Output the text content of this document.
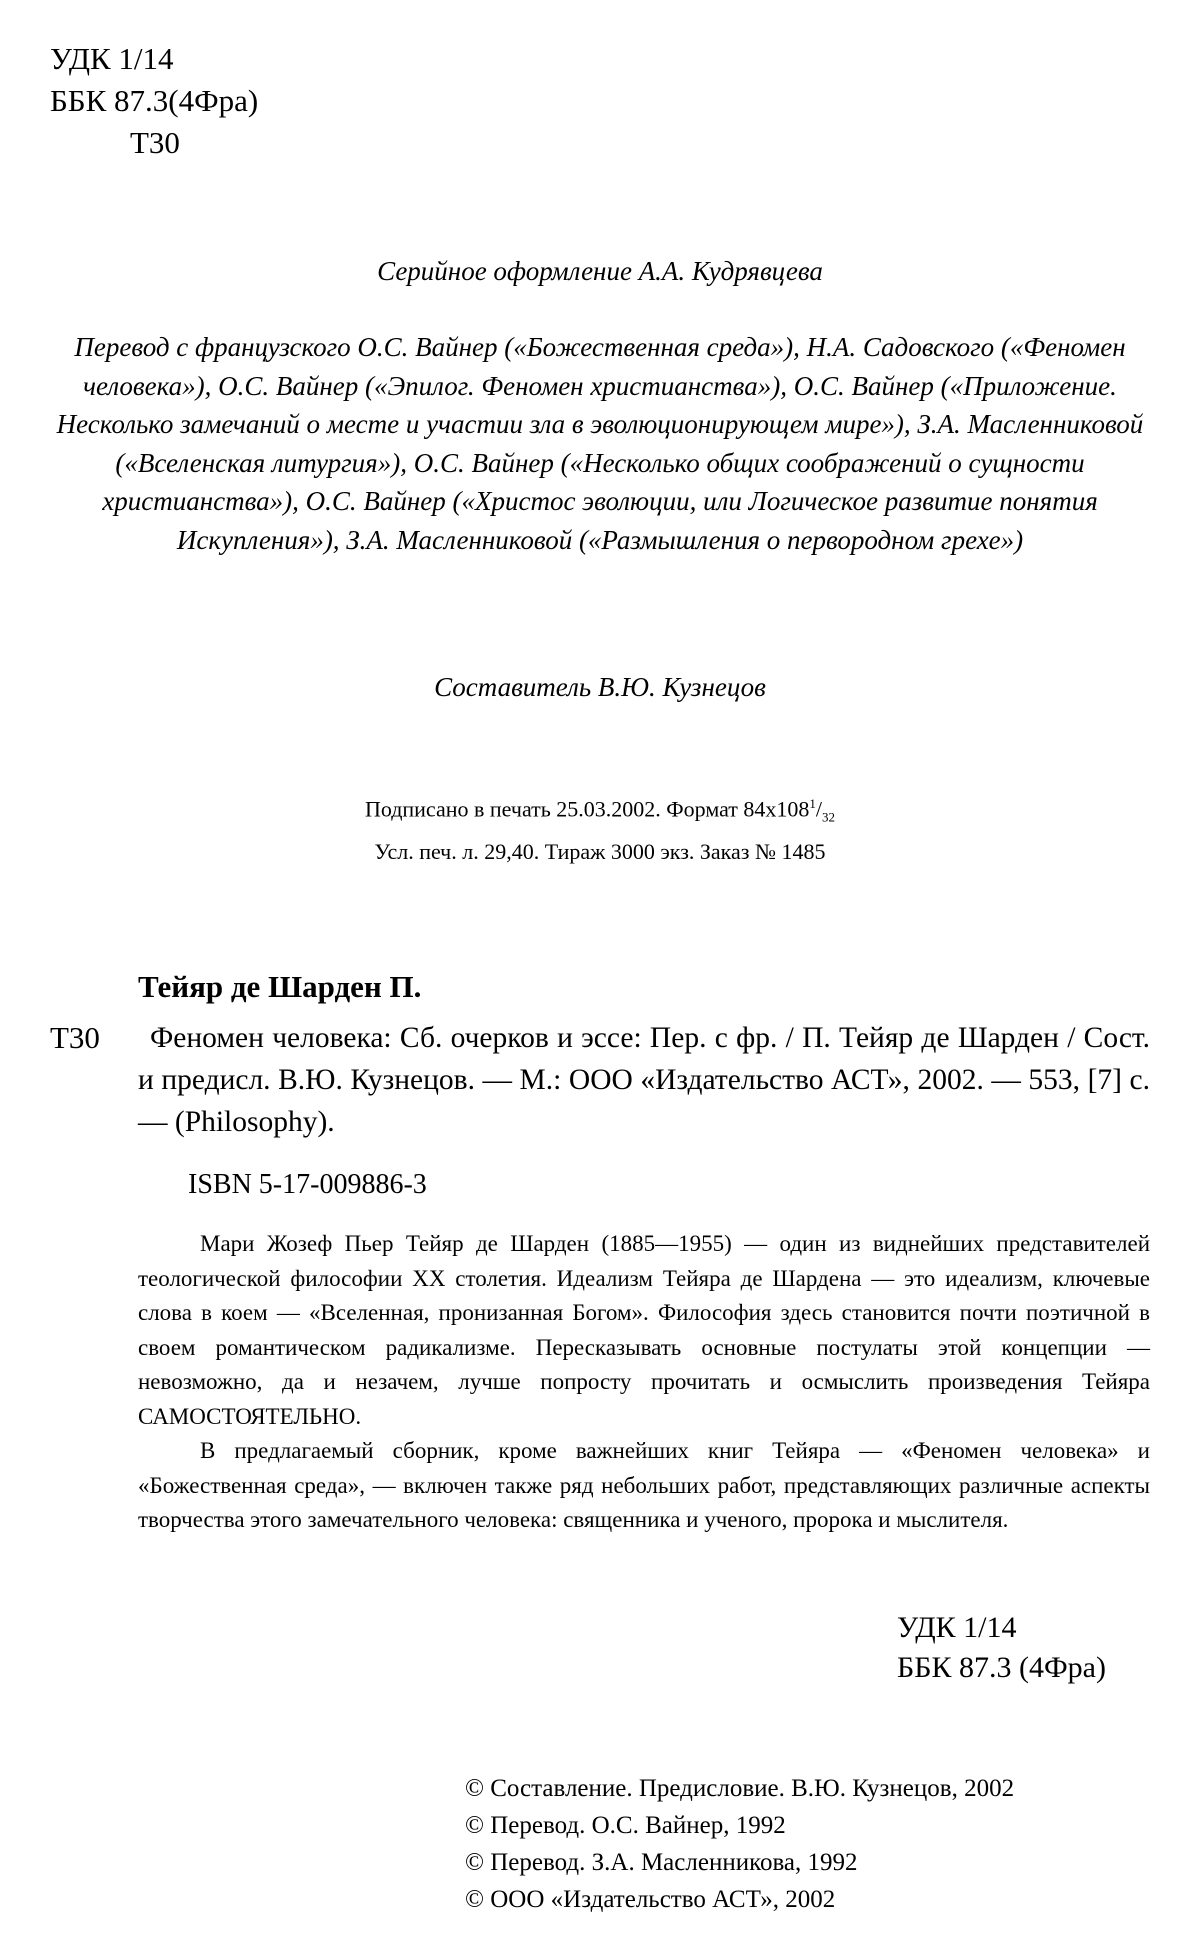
УДК 1/14
ББК 87.3(4Фра)
Т30

Серийное оформление А.А. Кудрявцева

Перевод с французского О.С. Вайнер («Божественная среда»), Н.А. Садовского («Феномен человека»), О.С. Вайнер («Эпилог. Феномен христианства»), О.С. Вайнер («Приложение. Несколько замечаний о месте и участии зла в эволюционирующем мире»), З.А. Масленниковой («Вселенская литургия»), О.С. Вайнер («Несколько общих соображений о сущности христианства»), О.С. Вайнер («Христос эволюции, или Логическое развитие понятия Искупления»), З.А. Масленниковой («Размышления о первородном грехе»)

Составитель В.Ю. Кузнецов

Подписано в печать 25.03.2002. Формат 84x1081/32
Усл. печ. л. 29,40. Тираж 3000 экз. Заказ № 1485
Тейяр де Шарден П.
Т30	Феномен человека: Сб. очерков и эссе: Пер. с фр. / П. Тейяр де Шарден / Сост. и предисл. В.Ю. Кузнецов. — М.: ООО «Издательство АСТ», 2002. — 553, [7] с. — (Philosophy).

ISBN 5-17-009886-3

Мари Жозеф Пьер Тейяр де Шарден (1885—1955) — один из виднейших представителей теологической философии XX столетия. Идеализм Тейяра де Шардена — это идеализм, ключевые слова в коем — «Вселенная, пронизанная Богом». Философия здесь становится почти поэтичной в своем романтическом радикализме. Пересказывать основные постулаты этой концепции — невозможно, да и незачем, лучше попросту прочитать и осмыслить произведения Тейяра САМОСТОЯТЕЛЬНО.

В предлагаемый сборник, кроме важнейших книг Тейяра — «Феномен человека» и «Божественная среда», — включен также ряд небольших работ, представляющих различные аспекты творчества этого замечательного человека: священника и ученого, пророка и мыслителя.

УДК 1/14
ББК 87.3 (4Фра)
© Составление. Предисловие. В.Ю. Кузнецов, 2002
© Перевод. О.С. Вайнер, 1992
© Перевод. З.А. Масленникова, 1992
© ООО «Издательство АСТ», 2002
